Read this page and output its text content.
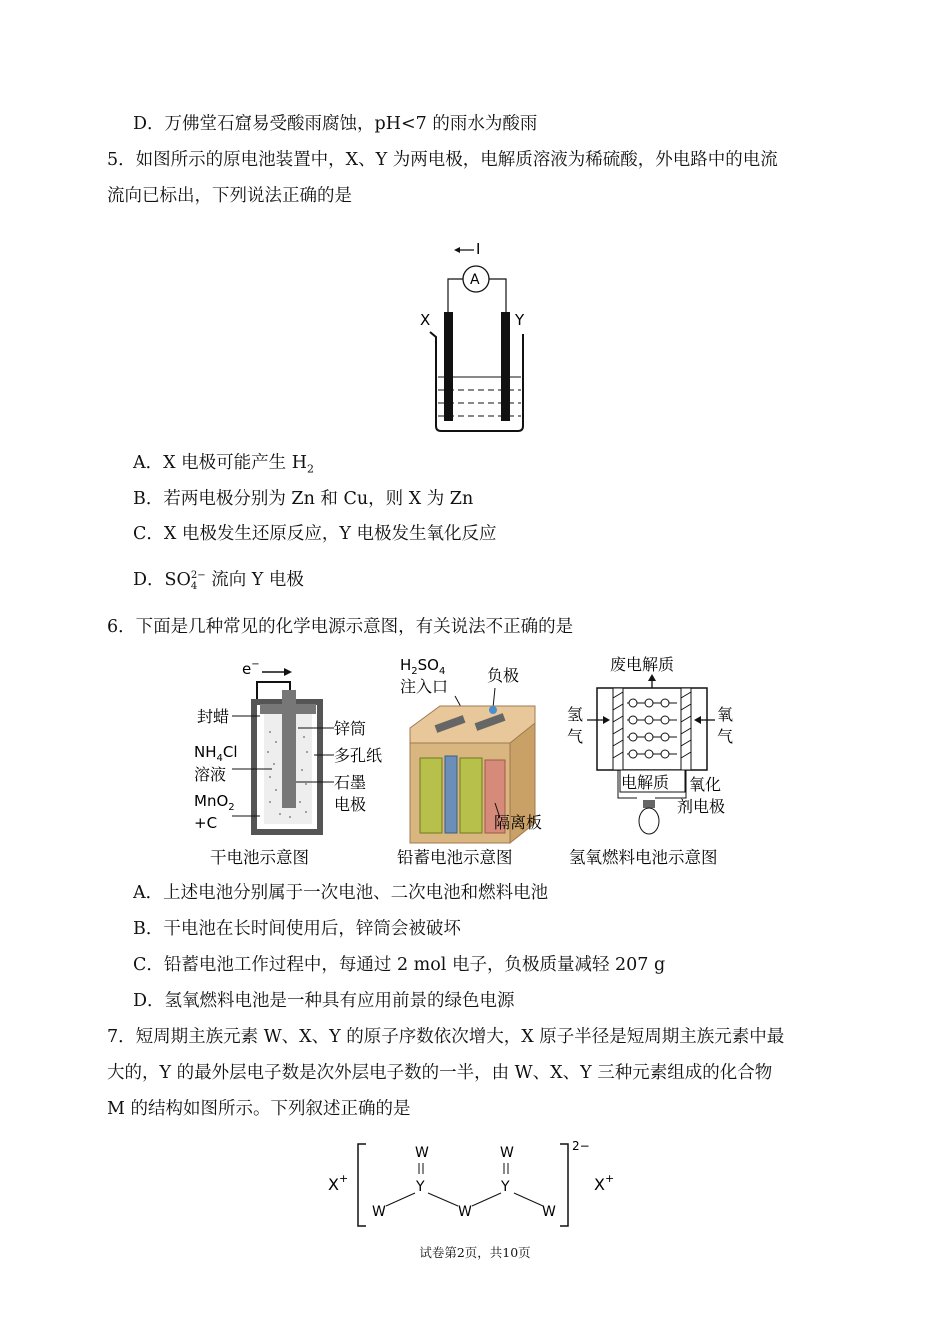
D．万佛堂石窟易受酸雨腐蚀，pH<7 的雨水为酸雨
5．如图所示的原电池装置中，X、Y 为两电极，电解质溶液为稀硫酸，外电路中的电流
流向已标出，下列说法正确的是
I
A
X	Y
A．X 电极可能产生 $H_2$
B．若两电极分别为 Zn 和 Cu，则 X 为 Zn
C．X 电极发生还原反应，Y 电极发生氧化反应
D．SO 2−
4 流向 Y 电极
6．下面是几种常见的化学电源示意图，有关说法不正确的是
e−
封蜡
$NH_4Cl$
溶液
MnO$_2$
+C
锌筒
多孔纸
石墨
电极
干电池示意图
$H_2SO_4$
注入口
负极
隔离板
铅蓄电池示意图
废电解质
氢
气
氧
气
电解质 氧化
剂电极
氢氧燃料电池示意图
A．上述电池分别属于一次电池、二次电池和燃料电池
B．干电池在长时间使用后，锌筒会被破坏
C．铅蓄电池工作过程中，每通过 2 mol 电子，负极质量减轻 207 g
D．氢氧燃料电池是一种具有应用前景的绿色电源
7．短周期主族元素 W、X、Y 的原子序数依次增大，X 原子半径是短周期主族元素中最
大的，Y 的最外层电子数是次外层电子数的一半，由 W、X、Y 三种元素组成的化合物
M 的结构如图所示。下列叙述正确的是
X+
2−
X+
W	W
Y	Y
W	W	W
试卷第2页，共10页
